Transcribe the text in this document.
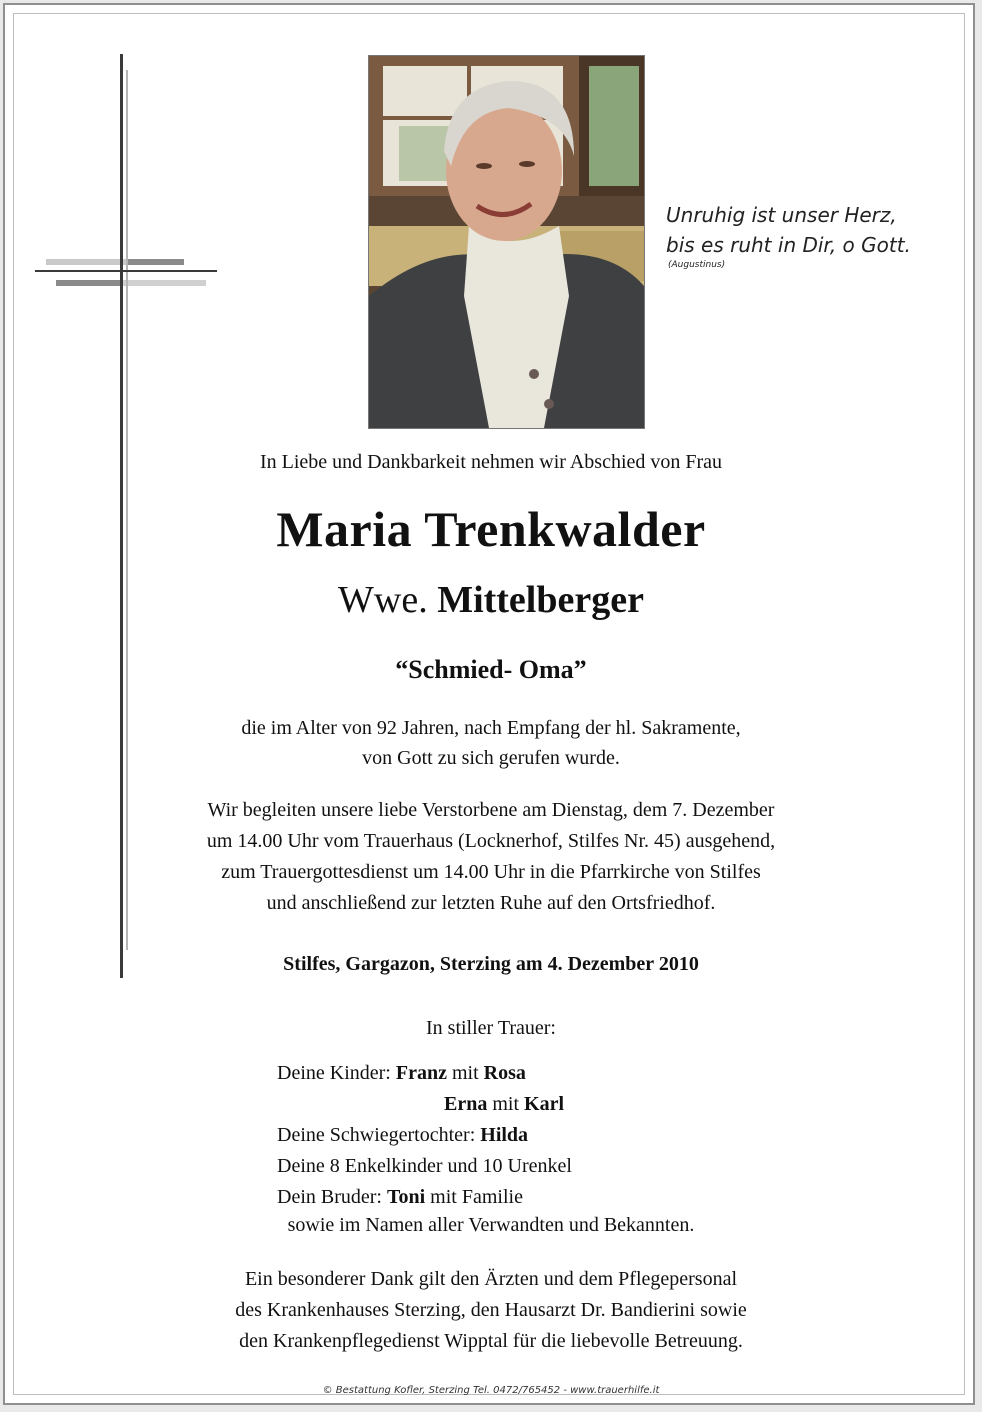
Unruhig ist unser Herz,
bis es ruht in Dir, o Gott.
(Augustinus)
In Liebe und Dankbarkeit nehmen wir Abschied von Frau
Maria Trenkwalder
Wwe. Mittelberger
“Schmied- Oma”
die im Alter von 92 Jahren, nach Empfang der hl. Sakramente,
von Gott zu sich gerufen wurde.
Wir begleiten unsere liebe Verstorbene am Dienstag, dem 7. Dezember
um 14.00 Uhr vom Trauerhaus (Locknerhof, Stilfes Nr. 45) ausgehend,
zum Trauergottesdienst um 14.00 Uhr in die Pfarrkirche von Stilfes
und anschließend zur letzten Ruhe auf den Ortsfriedhof.
Stilfes, Gargazon, Sterzing am 4. Dezember 2010
In stiller Trauer:
Deine Kinder: Franz mit Rosa
Erna mit Karl
Deine Schwiegertochter: Hilda
Deine 8 Enkelkinder und 10 Urenkel
Dein Bruder: Toni mit Familie
sowie im Namen aller Verwandten und Bekannten.
Ein besonderer Dank gilt den Ärzten und dem Pflegepersonal
des Krankenhauses Sterzing, den Hausarzt Dr. Bandierini sowie
den Krankenpflegedienst Wipptal für die liebevolle Betreuung.
© Bestattung Kofler, Sterzing Tel. 0472/765452 - www.trauerhilfe.it
